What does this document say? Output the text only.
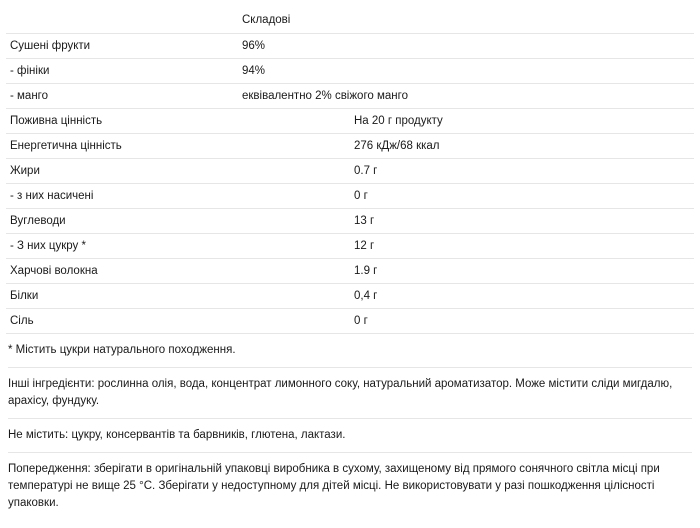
	Складові
Сушені фрукти	96%
- фініки	94%
- манго	еквівалентно 2% свіжого манго
Поживна цінність	На 20 г продукту
Енергетична цінність	276 кДж/68 ккал
Жири	0.7 г
- з них насичені	0 г
Вуглеводи	13 г
- З них цукру *	12 г
Харчові волокна	1.9 г
Білки	0,4 г
Сіль	0 г

* Містить цукри натурального походження.

Інші інгредієнти: рослинна олія, вода, концентрат лимонного соку, натуральний ароматизатор. Може містити сліди мигдалю, арахісу, фундуку.

Не містить: цукру, консервантів та барвників, глютена, лактази.

Попередження: зберігати в оригінальній упаковці виробника в сухому, захищеному від прямого сонячного світла місці при температурі не вище 25 °С. Зберігати у недоступному для дітей місці. Не використовувати у разі пошкодження цілісності упаковки.
